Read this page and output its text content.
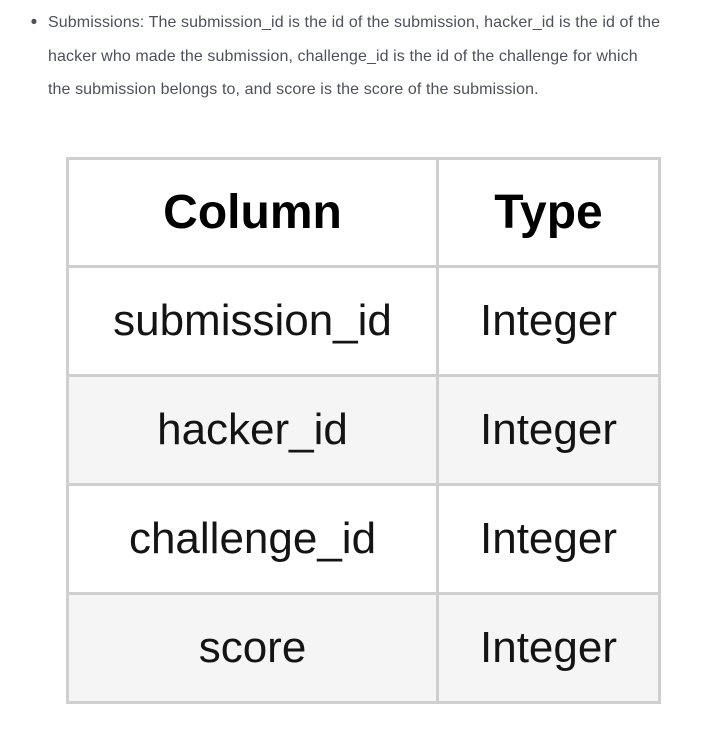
• Submissions: The submission_id is the id of the submission, hacker_id is the id of the
hacker who made the submission, challenge_id is the id of the challenge for which
the submission belongs to, and score is the score of the submission.
Column	Type
submission_id	Integer
hacker_id	Integer
challenge_id	Integer
score	Integer
